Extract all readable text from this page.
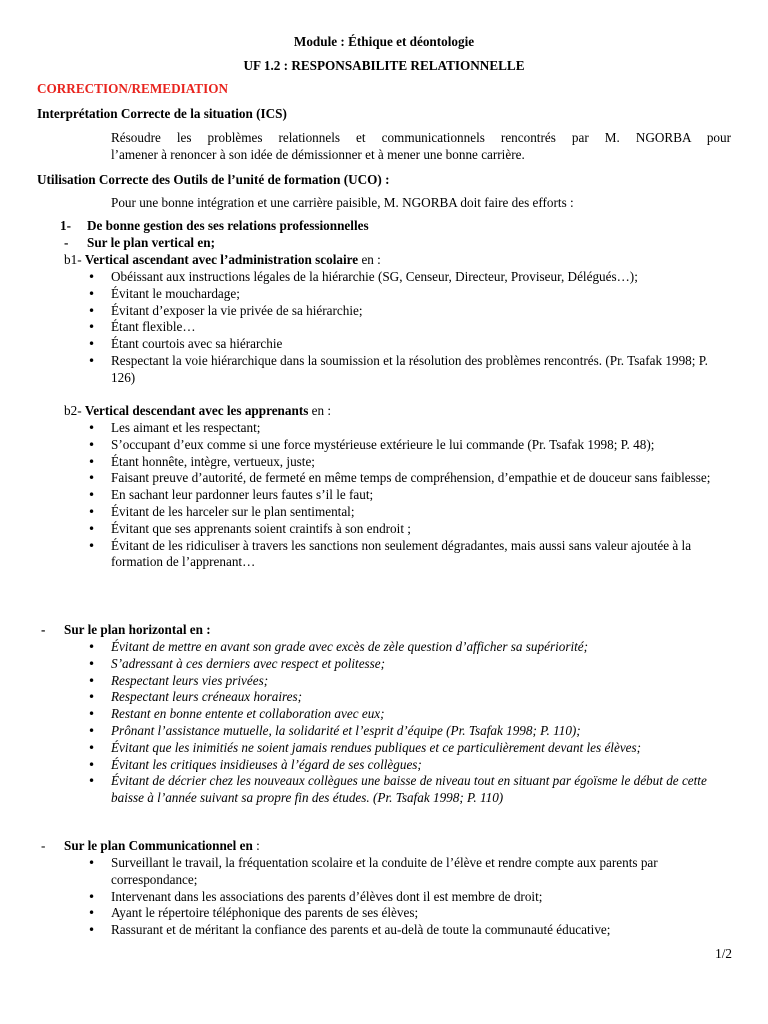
Module : Éthique et déontologie
UF 1.2 : RESPONSABILITE RELATIONNELLE
CORRECTION/REMEDIATION
Interprétation Correcte de la situation (ICS)
Résoudre les problèmes relationnels et communicationnels rencontrés par M. NGORBA pour
l’amener à renoncer à son idée de démissionner et à mener une bonne carrière.
Utilisation Correcte des Outils de l’unité de formation (UCO) :
Pour une bonne intégration et une carrière paisible, M. NGORBA doit faire des efforts :
1- De bonne gestion des ses relations professionnelles
- Sur le plan vertical en;
b1- Vertical ascendant avec l’administration scolaire en :
• Obéissant aux instructions légales de la hiérarchie (SG, Censeur, Directeur, Proviseur, Délégués…);
• Évitant le mouchardage;
• Évitant d’exposer la vie privée de sa hiérarchie;
• Étant flexible…
• Étant courtois avec sa hiérarchie
• Respectant la voie hiérarchique dans la soumission et la résolution des problèmes rencontrés. (Pr. Tsafak 1998; P. 126)
b2- Vertical descendant avec les apprenants en :
• Les aimant et les respectant;
• S’occupant d’eux comme si une force mystérieuse extérieure le lui commande (Pr. Tsafak 1998; P. 48);
• Étant honnête, intègre, vertueux, juste;
• Faisant preuve d’autorité, de fermeté en même temps de compréhension, d’empathie et de douceur sans faiblesse;
• En sachant leur pardonner leurs fautes s’il le faut;
• Évitant de les harceler sur le plan sentimental;
• Évitant que ses apprenants soient craintifs à son endroit ;
• Évitant de les ridiculiser à travers les sanctions non seulement dégradantes, mais aussi sans valeur ajoutée à la formation de l’apprenant…
- Sur le plan horizontal en :
• Évitant de mettre en avant son grade avec excès de zèle question d’afficher sa supériorité;
• S’adressant à ces derniers avec respect et politesse;
• Respectant leurs vies privées;
• Respectant leurs créneaux horaires;
• Restant en bonne entente et collaboration avec eux;
• Prônant l’assistance mutuelle, la solidarité et l’esprit d’équipe (Pr. Tsafak 1998; P. 110);
• Évitant que les inimitiés ne soient jamais rendues publiques et ce particulièrement devant les élèves;
• Évitant les critiques insidieuses à l’égard de ses collègues;
• Évitant de décrier chez les nouveaux collègues une baisse de niveau tout en situant par égoïsme le début de cette baisse à l’année suivant sa propre fin des études. (Pr. Tsafak 1998; P. 110)
- Sur le plan Communicationnel en :
• Surveillant le travail, la fréquentation scolaire et la conduite de l’élève et rendre compte aux parents par correspondance;
• Intervenant dans les associations des parents d’élèves dont il est membre de droit;
• Ayant le répertoire téléphonique des parents de ses élèves;
• Rassurant et de méritant la confiance des parents et au-delà de toute la communauté éducative;
1/2
